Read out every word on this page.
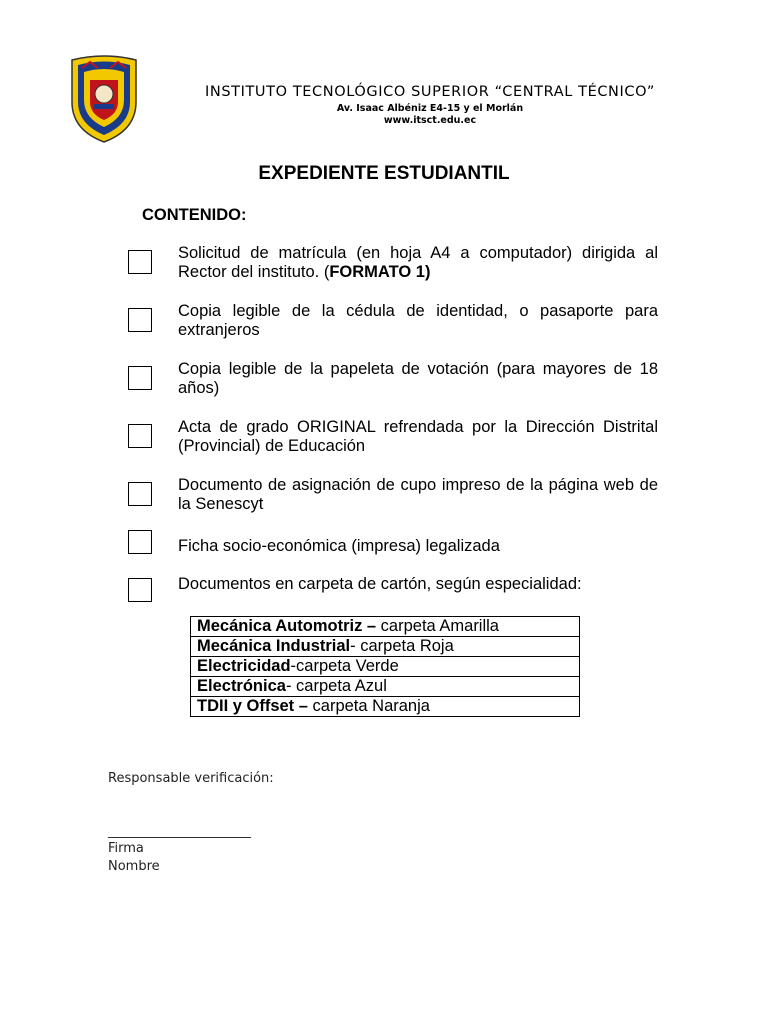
INSTITUTO TECNOLÓGICO SUPERIOR “CENTRAL TÉCNICO”

Av. Isaac Albéniz E4-15 y el Morlán
www.itsct.edu.ec
EXPEDIENTE ESTUDIANTIL
CONTENIDO:
Solicitud de matrícula (en hoja A4 a computador) dirigida al Rector del instituto. (FORMATO 1)
Copia legible de la cédula de identidad, o pasaporte para extranjeros
Copia legible de la papeleta de votación (para mayores de 18 años)
Acta de grado ORIGINAL refrendada por la Dirección Distrital (Provincial) de Educación
Documento de asignación de cupo impreso de la página web de la Senescyt
Ficha socio-económica (impresa) legalizada
Documentos en carpeta de cartón, según especialidad:
Mecánica Automotriz – carpeta Amarilla
Mecánica Industrial- carpeta Roja
Electricidad-carpeta Verde
Electrónica- carpeta Azul
TDII y Offset – carpeta Naranja
Responsable verificación:
______________________
Firma
Nombre
